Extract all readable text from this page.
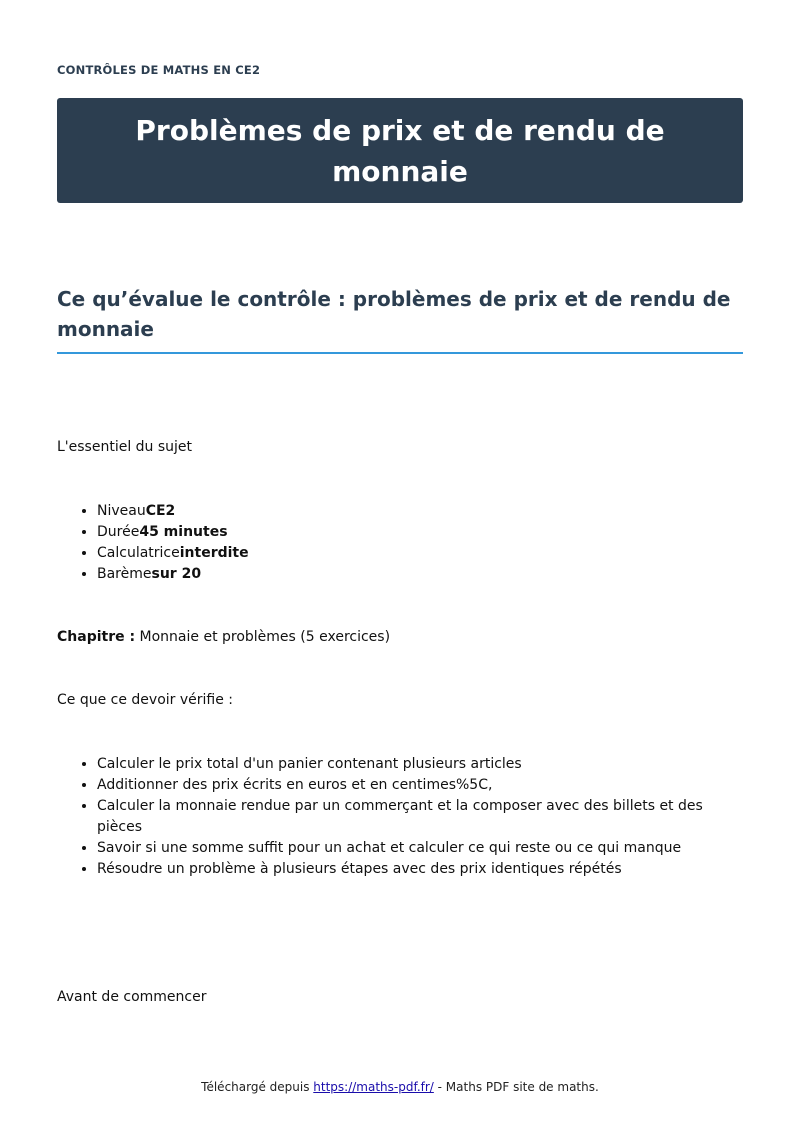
CONTRÔLES DE MATHS EN CE2
Problèmes de prix et de rendu de monnaie
Ce qu’évalue le contrôle : problèmes de prix et de rendu de monnaie

L'essentiel du sujet

• NiveauCE2
• Durée45 minutes
• Calculatriceinterdite
• Barèmesur 20

Chapitre : Monnaie et problèmes (5 exercices)

Ce que ce devoir vérifie :

• Calculer le prix total d'un panier contenant plusieurs articles
• Additionner des prix écrits en euros et en centimes%5C,
• Calculer la monnaie rendue par un commerçant et la composer avec des billets et des pièces
• Savoir si une somme suffit pour un achat et calculer ce qui reste ou ce qui manque
• Résoudre un problème à plusieurs étapes avec des prix identiques répétés

Avant de commencer

Téléchargé depuis https://maths-pdf.fr/ - Maths PDF site de maths.
